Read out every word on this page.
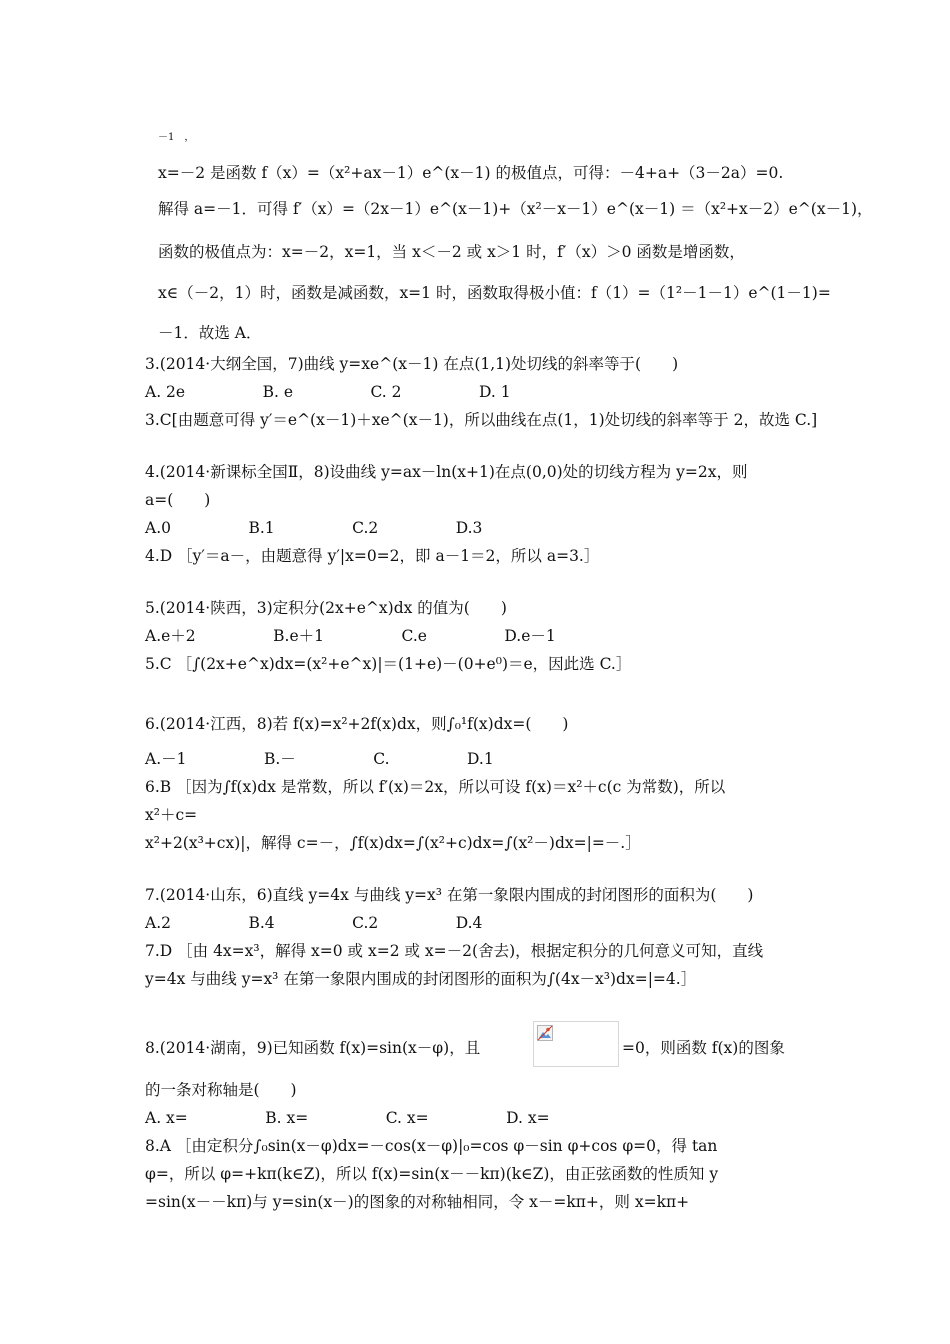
－1　，
x=－2 是函数 f（x）=（x²+ax－1）e^(x－1) 的极值点，可得：－4+a+（3－2a）=0.
解得 a=－1．可得 f′（x）=（2x－1）e^(x－1)+（x²－x－1）e^(x－1) ＝（x²+x－2）e^(x－1)，
函数的极值点为：x=－2，x=1，当 x＜－2 或 x＞1 时，f′（x）＞0 函数是增函数，
x∈（－2，1）时，函数是减函数，x=1 时，函数取得极小值：f（1）=（1²－1－1）e^(1－1)=
－1．故选 A．
3.(2014·大纲全国，7)曲线 y=xe^(x－1) 在点(1,1)处切线的斜率等于(　　)
A. 2e　　　　　B. e　　　　　C. 2　　　　　D. 1
3.C[由题意可得 y′＝e^(x－1)＋xe^(x－1)，所以曲线在点(1，1)处切线的斜率等于 2，故选 C.]
4.(2014·新课标全国Ⅱ，8)设曲线 y=ax－ln(x+1)在点(0,0)处的切线方程为 y=2x，则
a=(　　)
A.0　　　　　B.1　　　　　C.2　　　　　D.3
4.D ［y′＝a－，由题意得 y′|x=0=2，即 a－1＝2，所以 a=3.］
5.(2014·陕西，3)定积分(2x+e^x)dx 的值为(　　)
A.e＋2　　　　　B.e＋1　　　　　C.e　　　　　D.e－1
5.C ［∫(2x+e^x)dx=(x²+e^x)|＝(1+e)－(0+e⁰)＝e，因此选 C.］
6.(2014·江西，8)若 f(x)=x²+2f(x)dx，则∫₀¹f(x)dx=(　　)
A.－1　　　　　B.－　　　　　C.　　　　　D.1
6.B ［因为∫f(x)dx 是常数，所以 f′(x)＝2x，所以可设 f(x)＝x²＋c(c 为常数)，所以
x²＋c=
x²+2(x³+cx)|，解得 c=－，∫f(x)dx=∫(x²+c)dx=∫(x²－)dx=|=－.］
7.(2014·山东，6)直线 y=4x 与曲线 y=x³ 在第一象限内围成的封闭图形的面积为(　　)
A.2　　　　　B.4　　　　　C.2　　　　　D.4
7.D ［由 4x=x³，解得 x=0 或 x=2 或 x=－2(舍去)，根据定积分的几何意义可知，直线
y=4x 与曲线 y=x³ 在第一象限内围成的封闭图形的面积为∫(4x－x³)dx=|=4.］
8.(2014·湖南，9)已知函数 f(x)=sin(x－φ)，且	=0，则函数 f(x)的图象
的一条对称轴是(　　)
A. x=　　　　　B. x=　　　　　C. x=　　　　　D. x=
8.A ［由定积分∫₀sin(x－φ)dx=－cos(x－φ)|₀=cos φ－sin φ+cos φ=0，得 tan
φ=，所以 φ=+kπ(k∈Z)，所以 f(x)=sin(x－－kπ)(k∈Z)，由正弦函数的性质知 y
=sin(x－－kπ)与 y=sin(x－)的图象的对称轴相同，令 x－=kπ+，则 x=kπ+
